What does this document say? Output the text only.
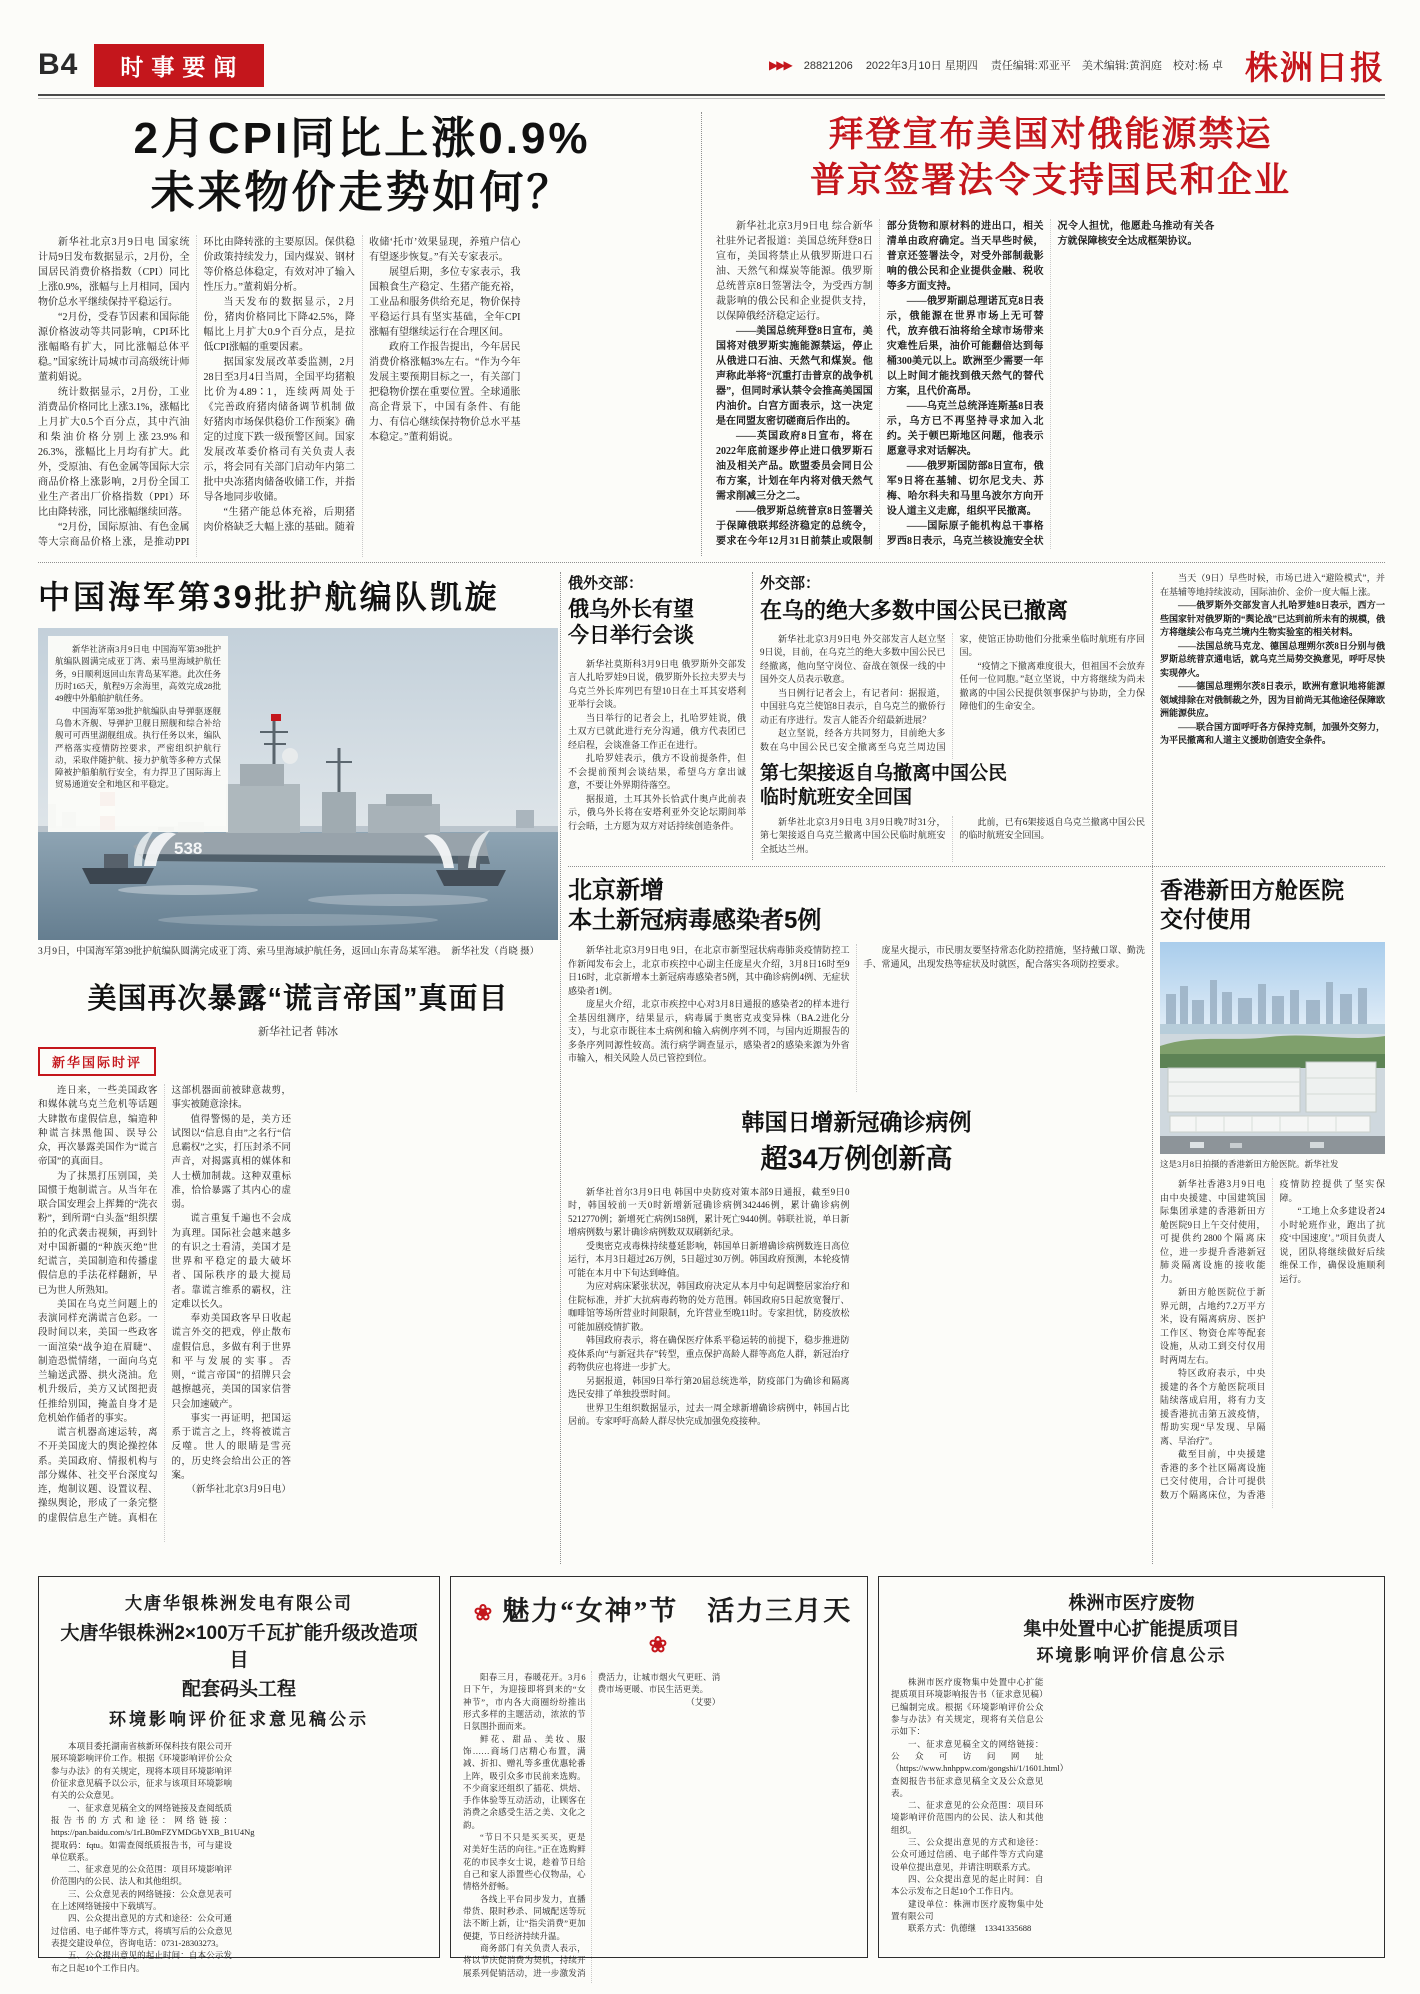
B4	时事要闻	▶▶▶ 28821206 2022年3月10日 星期四 责任编辑:邓亚平　美术编辑:黄润庭　校对:杨 卓 株洲日报
2月CPI同比上涨0.9%
未来物价走势如何？

新华社北京3月9日电 国家统计局9日发布数据显示，2月份，全国居民消费价格指数（CPI）同比上涨0.9%，涨幅与上月相同，国内物价总水平继续保持平稳运行。

“2月份，受春节因素和国际能源价格波动等共同影响，CPI环比涨幅略有扩大，同比涨幅总体平稳。”国家统计局城市司高级统计师董莉娟说。

统计数据显示，2月份，工业消费品价格同比上涨3.1%，涨幅比上月扩大0.5个百分点，其中汽油和柴油价格分别上涨23.9%和26.3%，涨幅比上月均有扩大。此外，受原油、有色金属等国际大宗商品价格上涨影响，2月份全国工业生产者出厂价格指数（PPI）环比由降转涨，同比涨幅继续回落。

“2月份，国际原油、有色金属等大宗商品价格上涨，是推动PPI环比由降转涨的主要原因。保供稳价政策持续发力，国内煤炭、钢材等价格总体稳定，有效对冲了输入性压力。”董莉娟分析。

当天发布的数据显示，2月份，猪肉价格同比下降42.5%，降幅比上月扩大0.9个百分点，是拉低CPI涨幅的重要因素。

据国家发展改革委监测，2月28日至3月4日当周，全国平均猪粮比价为4.89∶1，连续两周处于《完善政府猪肉储备调节机制 做好猪肉市场保供稳价工作预案》确定的过度下跌一级预警区间。国家发展改革委价格司有关负责人表示，将会同有关部门启动年内第二批中央冻猪肉储备收储工作，并指导各地同步收储。

“生猪产能总体充裕，后期猪肉价格缺乏大幅上涨的基础。随着收储‘托市’效果显现，养殖户信心有望逐步恢复。”有关专家表示。

展望后期，多位专家表示，我国粮食生产稳定、生猪产能充裕，工业品和服务供给充足，物价保持平稳运行具有坚实基础，全年CPI涨幅有望继续运行在合理区间。

政府工作报告提出，今年居民消费价格涨幅3%左右。“作为今年发展主要预期目标之一，有关部门把稳物价摆在重要位置。全球通胀高企背景下，中国有条件、有能力、有信心继续保持物价总水平基本稳定。”董莉娟说。

拜登宣布美国对俄能源禁运
普京签署法令支持国民和企业

新华社北京3月9日电 综合新华社驻外记者报道：美国总统拜登8日宣布，美国将禁止从俄罗斯进口石油、天然气和煤炭等能源。俄罗斯总统普京8日签署法令，为受西方制裁影响的俄公民和企业提供支持，以保障俄经济稳定运行。

——美国总统拜登8日宣布，美国将对俄罗斯实施能源禁运，停止从俄进口石油、天然气和煤炭。他声称此举将“沉重打击普京的战争机器”，但同时承认禁令会推高美国国内油价。白宫方面表示，这一决定是在同盟友密切磋商后作出的。

——英国政府8日宣布，将在2022年底前逐步停止进口俄罗斯石油及相关产品。欧盟委员会同日公布方案，计划在年内将对俄天然气需求削减三分之二。

——俄罗斯总统普京8日签署关于保障俄联邦经济稳定的总统令，要求在今年12月31日前禁止或限制部分货物和原材料的进出口，相关清单由政府确定。当天早些时候，普京还签署法令，对受外部制裁影响的俄公民和企业提供金融、税收等多方面支持。

——俄罗斯副总理诺瓦克8日表示，俄能源在世界市场上无可替代，放弃俄石油将给全球市场带来灾难性后果，油价可能翻倍达到每桶300美元以上。欧洲至少需要一年以上时间才能找到俄天然气的替代方案，且代价高昂。

——乌克兰总统泽连斯基8日表示，乌方已不再坚持寻求加入北约。关于顿巴斯地区问题，他表示愿意寻求对话解决。

——俄罗斯国防部8日宣布，俄军9日将在基辅、切尔尼戈夫、苏梅、哈尔科夫和马里乌波尔方向开设人道主义走廊，组织平民撤离。

——国际原子能机构总干事格罗西8日表示，乌克兰核设施安全状况令人担忧，他愿赴乌推动有关各方就保障核安全达成框架协议。

中国海军第39批护航编队凯旋
538

新华社济南3月9日电 中国海军第39批护航编队圆满完成亚丁湾、索马里海域护航任务，9日顺利返回山东青岛某军港。此次任务历时165天，航程9万余海里，高效完成28批49艘中外船舶护航任务。

中国海军第39批护航编队由导弹驱逐舰乌鲁木齐舰、导弹护卫舰日照舰和综合补给舰可可西里湖舰组成。执行任务以来，编队严格落实疫情防控要求，严密组织护航行动，采取伴随护航、接力护航等多种方式保障被护船舶航行安全，有力捍卫了国际海上贸易通道安全和地区和平稳定。

3月9日，中国海军第39批护航编队圆满完成亚丁湾、索马里海域护航任务，返回山东青岛某军港。　新华社发（肖晓 摄）
俄外交部：
俄乌外长有望
今日举行会谈

新华社莫斯科3月9日电 俄罗斯外交部发言人扎哈罗娃9日说，俄罗斯外长拉夫罗夫与乌克兰外长库列巴有望10日在土耳其安塔利亚举行会谈。

当日举行的记者会上，扎哈罗娃说，俄土双方已就此进行充分沟通，俄方代表团已经启程，会谈准备工作正在进行。

扎哈罗娃表示，俄方不设前提条件，但不会提前预判会谈结果，希望乌方拿出诚意，不要让外界期待落空。

据报道，土耳其外长恰武什奥卢此前表示，俄乌外长将在安塔利亚外交论坛期间举行会晤，土方愿为双方对话持续创造条件。

外交部：
在乌的绝大多数中国公民已撤离

新华社北京3月9日电 外交部发言人赵立坚9日说，目前，在乌克兰的绝大多数中国公民已经撤离，他向坚守岗位、奋战在领保一线的中国外交人员表示敬意。

当日例行记者会上，有记者问：据报道，中国驻乌克兰使馆8日表示，自乌克兰的撤侨行动正有序进行。发言人能否介绍最新进展？

赵立坚说，经各方共同努力，目前绝大多数在乌中国公民已安全撤离至乌克兰周边国家，使馆正协助他们分批乘坐临时航班有序回国。

“疫情之下撤离难度很大，但祖国不会放弃任何一位同胞。”赵立坚说，中方将继续为尚未撤离的中国公民提供领事保护与协助，全力保障他们的生命安全。

第七架接返自乌撤离中国公民
临时航班安全回国

新华社北京3月9日电 3月9日晚7时31分，第七架接返自乌克兰撤离中国公民临时航班安全抵达兰州。

此前，已有6架接返自乌克兰撤离中国公民的临时航班安全回国。

当天（9日）早些时候，市场已进入“避险模式”，并在基辅等地持续波动，国际油价、金价一度大幅上涨。

——俄罗斯外交部发言人扎哈罗娃8日表示，西方一些国家针对俄罗斯的“舆论战”已达到前所未有的规模，俄方将继续公布乌克兰境内生物实验室的相关材料。

——法国总统马克龙、德国总理朔尔茨8日分别与俄罗斯总统普京通电话，就乌克兰局势交换意见，呼吁尽快实现停火。

——德国总理朔尔茨8日表示，欧洲有意识地将能源领域排除在对俄制裁之外，因为目前尚无其他途径保障欧洲能源供应。

——联合国方面呼吁各方保持克制，加强外交努力，为平民撤离和人道主义援助创造安全条件。

北京新增
本土新冠病毒感染者5例

新华社北京3月9日电 9日，在北京市新型冠状病毒肺炎疫情防控工作新闻发布会上，北京市疾控中心副主任庞星火介绍，3月8日16时至9日16时，北京新增本土新冠病毒感染者5例，其中确诊病例4例、无症状感染者1例。

庞星火介绍，北京市疾控中心对3月8日通报的感染者2的样本进行全基因组测序，结果显示，病毒属于奥密克戎变异株（BA.2进化分支），与北京市既往本土病例和输入病例序列不同，与国内近期报告的多条序列同源性较高。流行病学调查显示，感染者2的感染来源为外省市输入，相关风险人员已管控到位。

庞星火提示，市民朋友要坚持常态化防控措施，坚持戴口罩、勤洗手、常通风，出现发热等症状及时就医，配合落实各项防控要求。

韩国日增新冠确诊病例
超34万例创新高

新华社首尔3月9日电 韩国中央防疫对策本部9日通报，截至9日0时，韩国较前一天0时新增新冠确诊病例342446例，累计确诊病例5212770例；新增死亡病例158例，累计死亡9440例。韩联社说，单日新增病例数与累计确诊病例数双双刷新纪录。

受奥密克戎毒株持续蔓延影响，韩国单日新增确诊病例数连日高位运行，本月3日超过26万例，5日超过30万例。韩国政府预测，本轮疫情可能在本月中下旬达到峰值。

为应对病床紧张状况，韩国政府决定从本月中旬起调整居家治疗和住院标准，并扩大抗病毒药物的处方范围。韩国政府5日起放宽餐厅、咖啡馆等场所营业时间限制，允许营业至晚11时。专家担忧，防疫放松可能加剧疫情扩散。

韩国政府表示，将在确保医疗体系平稳运转的前提下，稳步推进防疫体系向“与新冠共存”转型，重点保护高龄人群等高危人群，新冠治疗药物供应也将进一步扩大。

另据报道，韩国9日举行第20届总统选举，防疫部门为确诊和隔离选民安排了单独投票时间。

世界卫生组织数据显示，过去一周全球新增确诊病例中，韩国占比居前。专家呼吁高龄人群尽快完成加强免疫接种。

香港新田方舱医院
交付使用
这是3月8日拍摄的香港新田方舱医院。新华社发

新华社香港3月9日电 由中央援建、中国建筑国际集团承建的香港新田方舱医院9日上午交付使用，可提供约2800个隔离床位，进一步提升香港新冠肺炎隔离设施的接收能力。

新田方舱医院位于新界元朗，占地约7.2万平方米，设有隔离病房、医护工作区、物资仓库等配套设施，从动工到交付仅用时两周左右。

特区政府表示，中央援建的各个方舱医院项目陆续落成启用，将有力支援香港抗击第五波疫情，帮助实现“早发现、早隔离、早治疗”。

截至目前，中央援建香港的多个社区隔离设施已交付使用，合计可提供数万个隔离床位，为香港疫情防控提供了坚实保障。

“工地上众多建设者24小时轮班作业，跑出了抗疫‘中国速度’。”项目负责人说，团队将继续做好后续维保工作，确保设施顺利运行。

美国再次暴露“谎言帝国”真面目
新华社记者 韩冰
新华国际时评

连日来，一些美国政客和媒体就乌克兰危机等话题大肆散布虚假信息，编造种种谎言抹黑他国、误导公众，再次暴露美国作为“谎言帝国”的真面目。

为了抹黑打压别国，美国惯于炮制谎言。从当年在联合国安理会上挥舞的“洗衣粉”，到所谓“白头盔”组织摆拍的化武袭击视频，再到针对中国新疆的“种族灭绝”世纪谎言，美国制造和传播虚假信息的手法花样翻新，早已为世人所熟知。

美国在乌克兰问题上的表演同样充满谎言色彩。一段时间以来，美国一些政客一面渲染“战争迫在眉睫”、制造恐慌情绪，一面向乌克兰输送武器、拱火浇油。危机升级后，美方又试图把责任推给别国，掩盖自身才是危机始作俑者的事实。

谎言机器高速运转，离不开美国庞大的舆论操控体系。美国政府、情报机构与部分媒体、社交平台深度勾连，炮制议题、设置议程、操纵舆论，形成了一条完整的虚假信息生产链。真相在这部机器面前被肆意裁剪，事实被随意涂抹。

值得警惕的是，美方还试图以“信息自由”之名行“信息霸权”之实，打压封杀不同声音，对揭露真相的媒体和人士横加制裁。这种双重标准，恰恰暴露了其内心的虚弱。

谎言重复千遍也不会成为真理。国际社会越来越多的有识之士看清，美国才是世界和平稳定的最大破坏者、国际秩序的最大搅局者。靠谎言维系的霸权，注定难以长久。

奉劝美国政客早日收起谎言外交的把戏，停止散布虚假信息，多做有利于世界和平与发展的实事。否则，“谎言帝国”的招牌只会越擦越亮，美国的国家信誉只会加速破产。

事实一再证明，把国运系于谎言之上，终将被谎言反噬。世人的眼睛是雪亮的，历史终会给出公正的答案。

（新华社北京3月9日电）

大唐华银株洲发电有限公司
大唐华银株洲2×100万千瓦扩能升级改造项目
配套码头工程
环境影响评价征求意见稿公示

本项目委托湖南省核新环保科技有限公司开展环境影响评价工作。根据《环境影响评价公众参与办法》的有关规定，现将本项目环境影响评价征求意见稿予以公示，征求与该项目环境影响有关的公众意见。

一、征求意见稿全文的网络链接及查阅纸质报告书的方式和途径：网络链接：https://pan.baidu.com/s/1rLB0mFZYMDGbYXB_B1U4Ng 提取码：fqtu。如需查阅纸质报告书，可与建设单位联系。

二、征求意见的公众范围：项目环境影响评价范围内的公民、法人和其他组织。

三、公众意见表的网络链接：公众意见表可在上述网络链接中下载填写。

四、公众提出意见的方式和途径：公众可通过信函、电子邮件等方式，将填写后的公众意见表提交建设单位，咨询电话：0731-28303273。

五、公众提出意见的起止时间：自本公示发布之日起10个工作日内。

❀ 魅力“女神”节　活力三月天❀

阳春三月，春暖花开。3月6日下午，为迎接即将到来的“女神节”，市内各大商圈纷纷推出形式多样的主题活动，浓浓的节日氛围扑面而来。

鲜花、甜品、美妆、服饰……商场门店精心布置，满减、折扣、赠礼等多重优惠轮番上阵，吸引众多市民前来选购。不少商家还组织了插花、烘焙、手作体验等互动活动，让顾客在消费之余感受生活之美、文化之韵。

“节日不只是买买买，更是对美好生活的向往。”正在选购鲜花的市民李女士说，趁着节日给自己和家人添置些心仪物品，心情格外舒畅。

各线上平台同步发力，直播带货、限时秒杀、同城配送等玩法不断上新，让“指尖消费”更加便捷，节日经济持续升温。

商务部门有关负责人表示，将以节庆促消费为契机，持续开展系列促销活动，进一步激发消费活力，让城市烟火气更旺、消费市场更暖、市民生活更美。

（艾要）

株洲市医疗废物
集中处置中心扩能提质项目
环境影响评价信息公示

株洲市医疗废物集中处置中心扩能提质项目环境影响报告书（征求意见稿）已编制完成。根据《环境影响评价公众参与办法》有关规定，现将有关信息公示如下：

一、征求意见稿全文的网络链接：公众可访问网址（https://www.hnhppw.com/gongshi/1/1601.html）查阅报告书征求意见稿全文及公众意见表。

二、征求意见的公众范围：项目环境影响评价范围内的公民、法人和其他组织。

三、公众提出意见的方式和途径：公众可通过信函、电子邮件等方式向建设单位提出意见，并请注明联系方式。

四、公众提出意见的起止时间：自本公示发布之日起10个工作日内。

建设单位：株洲市医疗废物集中处置有限公司

联系方式：仇德继　13341335688
